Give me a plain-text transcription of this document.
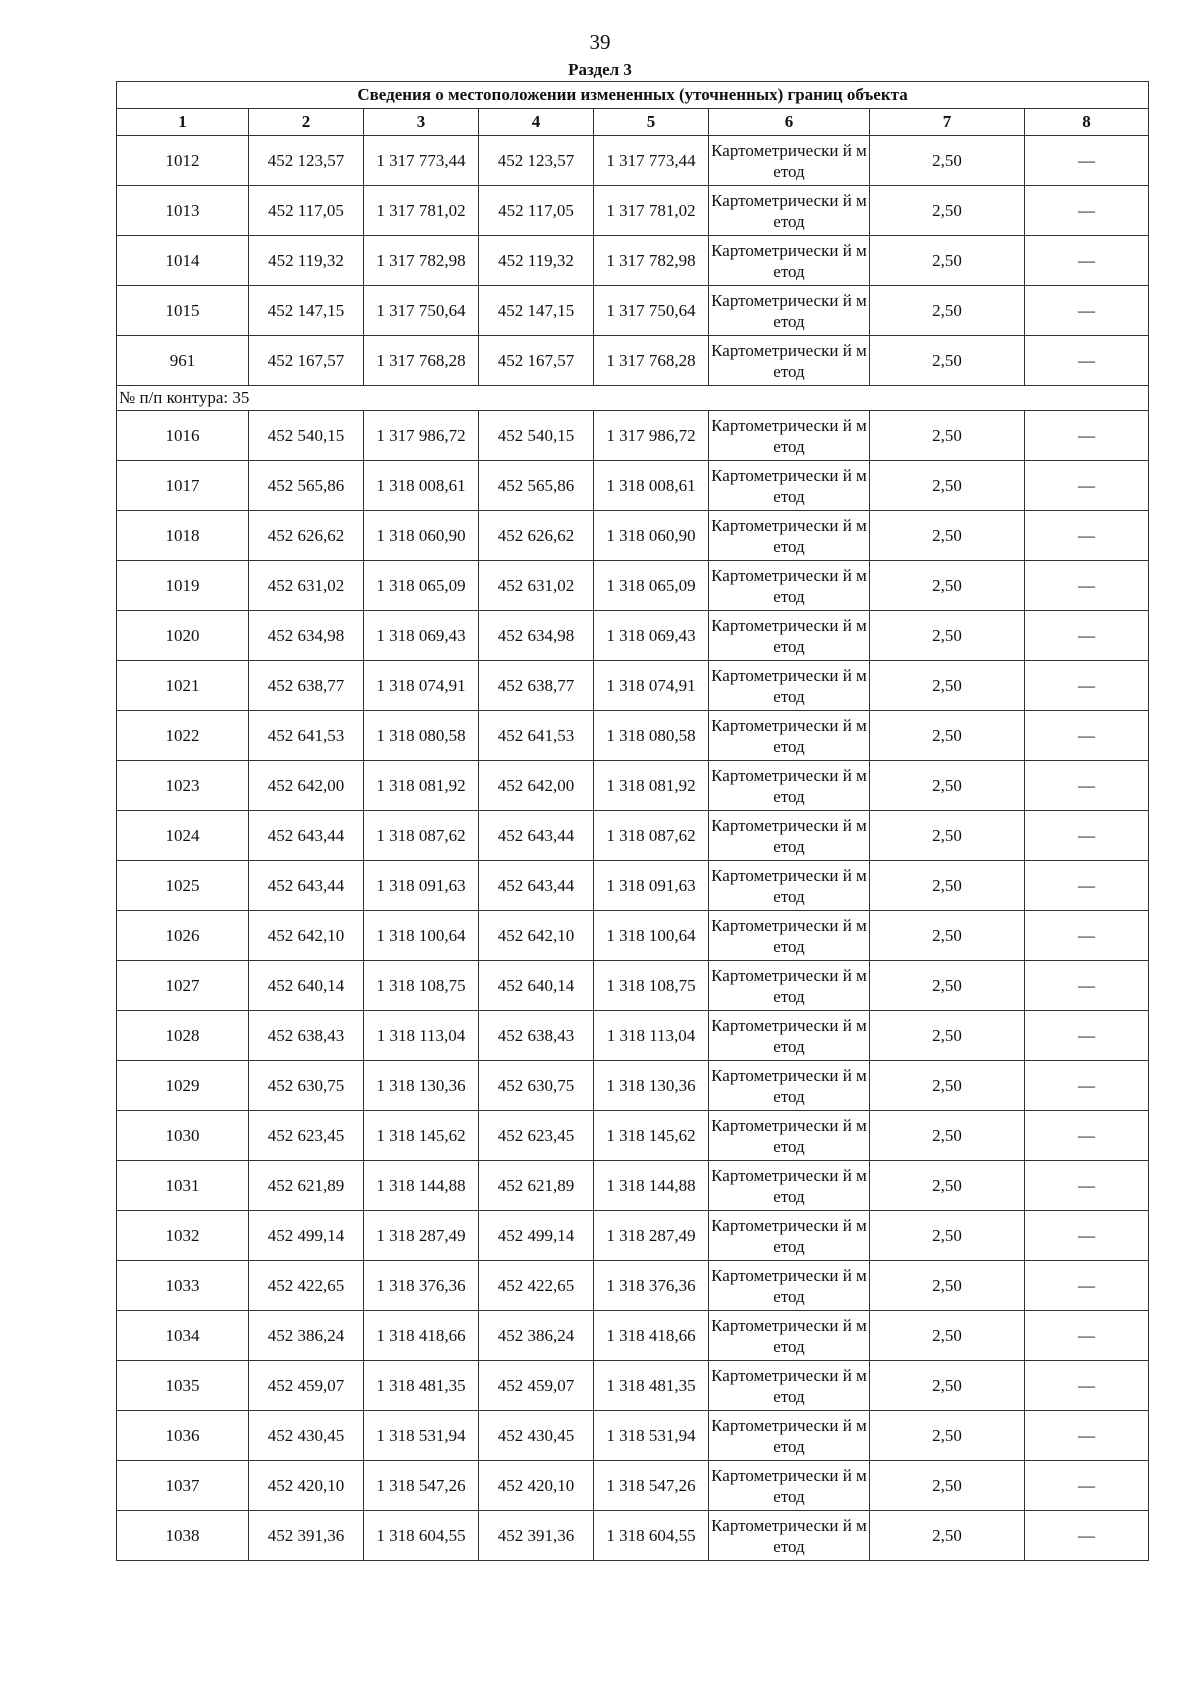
39
Раздел 3
Сведения о местоположении измененных (уточненных) границ объекта							
1	2	3	4	5	6	7	8
1012	452 123,57	1 317 773,44	452 123,57	1 317 773,44	Картометрически й метод	2,50	—
1013	452 117,05	1 317 781,02	452 117,05	1 317 781,02	Картометрически й метод	2,50	—
1014	452 119,32	1 317 782,98	452 119,32	1 317 782,98	Картометрически й метод	2,50	—
1015	452 147,15	1 317 750,64	452 147,15	1 317 750,64	Картометрически й метод	2,50	—
961	452 167,57	1 317 768,28	452 167,57	1 317 768,28	Картометрически й метод	2,50	—
№ п/п контура: 35							
1016	452 540,15	1 317 986,72	452 540,15	1 317 986,72	Картометрически й метод	2,50	—
1017	452 565,86	1 318 008,61	452 565,86	1 318 008,61	Картометрически й метод	2,50	—
1018	452 626,62	1 318 060,90	452 626,62	1 318 060,90	Картометрически й метод	2,50	—
1019	452 631,02	1 318 065,09	452 631,02	1 318 065,09	Картометрически й метод	2,50	—
1020	452 634,98	1 318 069,43	452 634,98	1 318 069,43	Картометрически й метод	2,50	—
1021	452 638,77	1 318 074,91	452 638,77	1 318 074,91	Картометрически й метод	2,50	—
1022	452 641,53	1 318 080,58	452 641,53	1 318 080,58	Картометрически й метод	2,50	—
1023	452 642,00	1 318 081,92	452 642,00	1 318 081,92	Картометрически й метод	2,50	—
1024	452 643,44	1 318 087,62	452 643,44	1 318 087,62	Картометрически й метод	2,50	—
1025	452 643,44	1 318 091,63	452 643,44	1 318 091,63	Картометрически й метод	2,50	—
1026	452 642,10	1 318 100,64	452 642,10	1 318 100,64	Картометрически й метод	2,50	—
1027	452 640,14	1 318 108,75	452 640,14	1 318 108,75	Картометрически й метод	2,50	—
1028	452 638,43	1 318 113,04	452 638,43	1 318 113,04	Картометрически й метод	2,50	—
1029	452 630,75	1 318 130,36	452 630,75	1 318 130,36	Картометрически й метод	2,50	—
1030	452 623,45	1 318 145,62	452 623,45	1 318 145,62	Картометрически й метод	2,50	—
1031	452 621,89	1 318 144,88	452 621,89	1 318 144,88	Картометрически й метод	2,50	—
1032	452 499,14	1 318 287,49	452 499,14	1 318 287,49	Картометрически й метод	2,50	—
1033	452 422,65	1 318 376,36	452 422,65	1 318 376,36	Картометрически й метод	2,50	—
1034	452 386,24	1 318 418,66	452 386,24	1 318 418,66	Картометрически й метод	2,50	—
1035	452 459,07	1 318 481,35	452 459,07	1 318 481,35	Картометрически й метод	2,50	—
1036	452 430,45	1 318 531,94	452 430,45	1 318 531,94	Картометрически й метод	2,50	—
1037	452 420,10	1 318 547,26	452 420,10	1 318 547,26	Картометрически й метод	2,50	—
1038	452 391,36	1 318 604,55	452 391,36	1 318 604,55	Картометрически й метод	2,50	—
